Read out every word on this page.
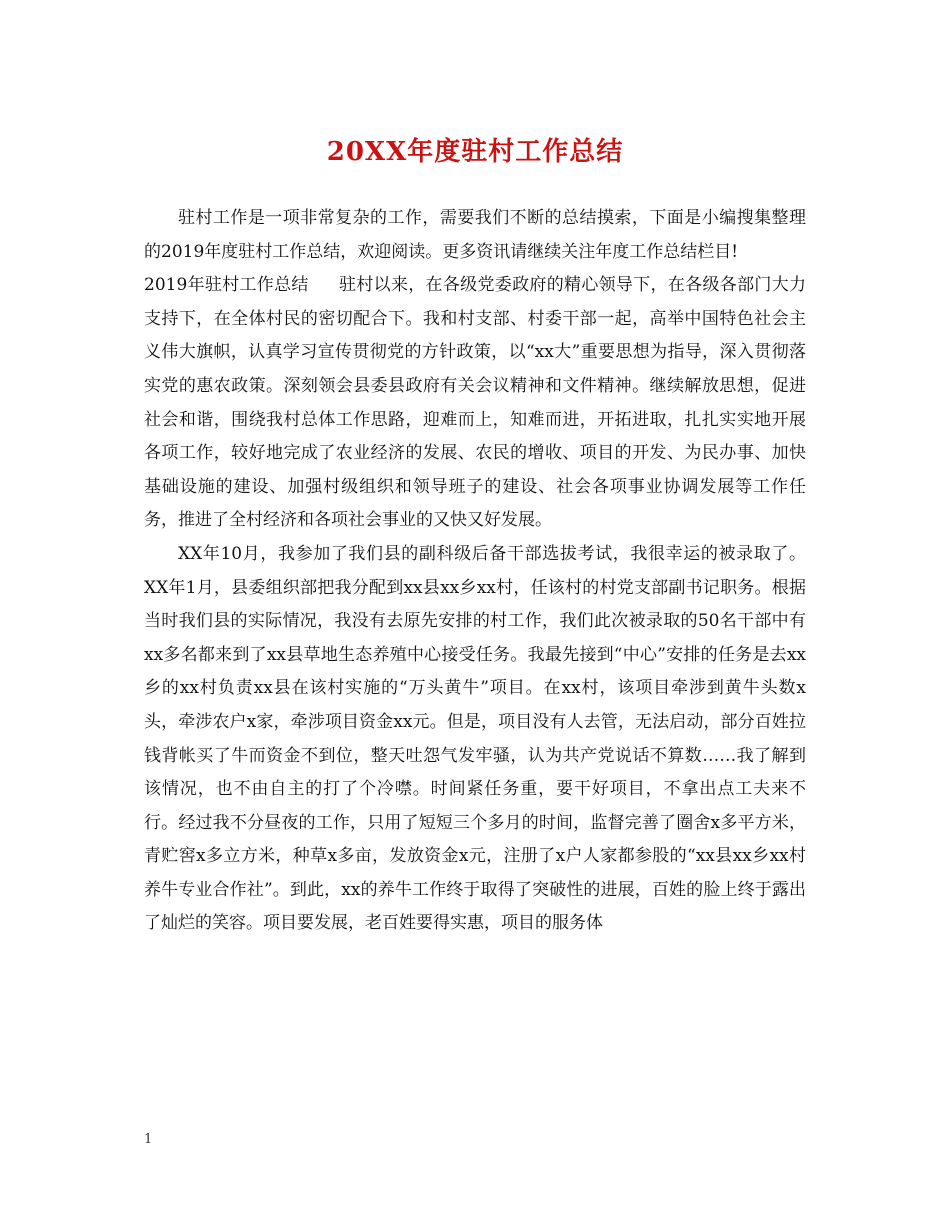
20XX年度驻村工作总结

驻村工作是一项非常复杂的工作，需要我们不断的总结摸索，下面是小编搜集整理的2019年度驻村工作总结，欢迎阅读。更多资讯请继续关注年度工作总结栏目!

2019年驻村工作总结 驻村以来，在各级党委政府的精心领导下，在各级各部门大力支持下，在全体村民的密切配合下。我和村支部、村委干部一起，高举中国特色社会主义伟大旗帜，认真学习宣传贯彻党的方针政策，以“xx大”重要思想为指导，深入贯彻落实党的惠农政策。深刻领会县委县政府有关会议精神和文件精神。继续解放思想，促进社会和谐，围绕我村总体工作思路，迎难而上，知难而进，开拓进取，扎扎实实地开展各项工作，较好地完成了农业经济的发展、农民的增收、项目的开发、为民办事、加快基础设施的建设、加强村级组织和领导班子的建设、社会各项事业协调发展等工作任务，推进了全村经济和各项社会事业的又快又好发展。

XX年10月，我参加了我们县的副科级后备干部选拔考试，我很幸运的被录取了。XX年1月，县委组织部把我分配到xx县xx乡xx村，任该村的村党支部副书记职务。根据当时我们县的实际情况，我没有去原先安排的村工作，我们此次被录取的50名干部中有xx多名都来到了xx县草地生态养殖中心接受任务。我最先接到“中心”安排的任务是去xx乡的xx村负责xx县在该村实施的“万头黄牛”项目。在xx村，该项目牵涉到黄牛头数x头，牵涉农户x家，牵涉项目资金xx元。但是，项目没有人去管，无法启动，部分百姓拉钱背帐买了牛而资金不到位，整天吐怨气发牢骚，认为共产党说话不算数……我了解到该情况，也不由自主的打了个冷噤。时间紧任务重，要干好项目，不拿出点工夫来不行。经过我不分昼夜的工作，只用了短短三个多月的时间，监督完善了圈舍x多平方米，青贮窖x多立方米，种草x多亩，发放资金x元，注册了x户人家都参股的“xx县xx乡xx村养牛专业合作社”。到此，xx的养牛工作终于取得了突破性的进展，百姓的脸上终于露出了灿烂的笑容。项目要发展，老百姓要得实惠，项目的服务体

1
